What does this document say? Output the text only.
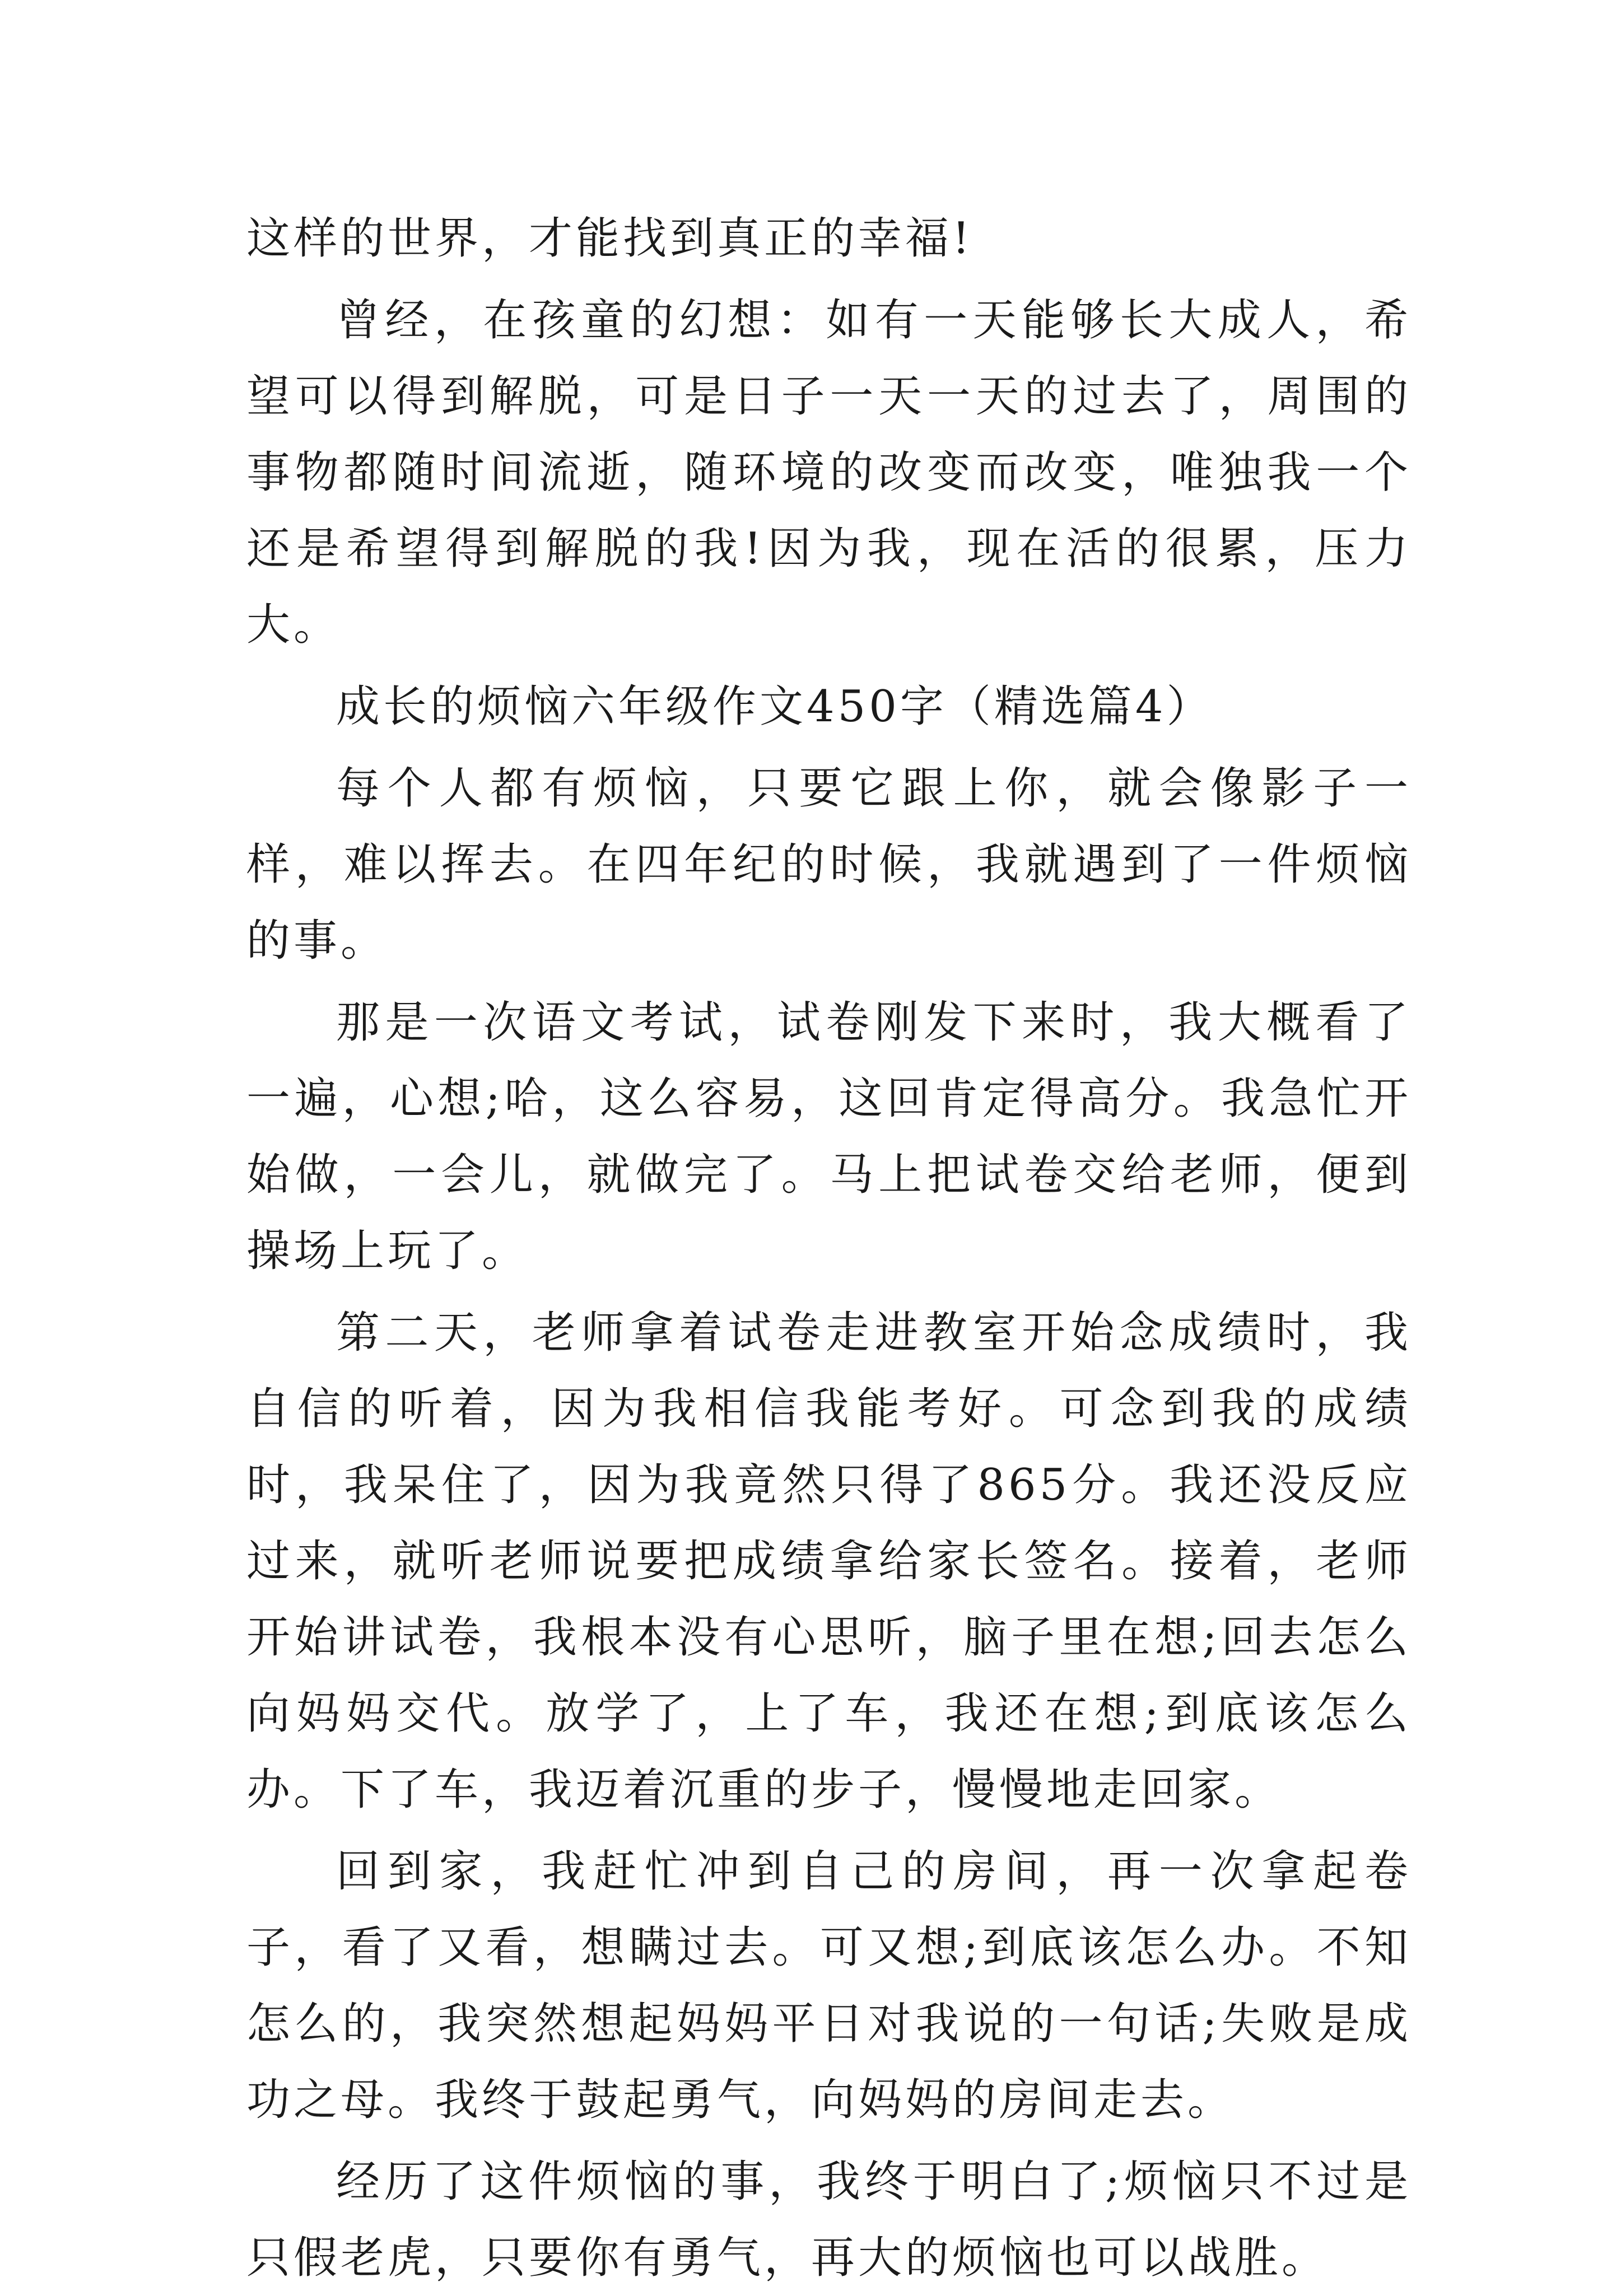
这样的世界，才能找到真正的幸福!

曾经，在孩童的幻想：如有一天能够长大成人，希望可以得到解脱，可是日子一天一天的过去了，周围的事物都随时间流逝，随环境的改变而改变，唯独我一个还是希望得到解脱的我!因为我，现在活的很累，压力大。

成长的烦恼六年级作文450字（精选篇4）

每个人都有烦恼，只要它跟上你，就会像影子一样，难以挥去。在四年纪的时候，我就遇到了一件烦恼的事。

那是一次语文考试，试卷刚发下来时，我大概看了一遍，心想;哈，这么容易，这回肯定得高分。我急忙开始做，一会儿，就做完了。马上把试卷交给老师，便到操场上玩了。

第二天，老师拿着试卷走进教室开始念成绩时，我自信的听着，因为我相信我能考好。可念到我的成绩时，我呆住了，因为我竟然只得了865分。我还没反应过来，就听老师说要把成绩拿给家长签名。接着，老师开始讲试卷，我根本没有心思听，脑子里在想;回去怎么向妈妈交代。放学了，上了车，我还在想;到底该怎么办。下了车，我迈着沉重的步子，慢慢地走回家。

回到家，我赶忙冲到自己的房间，再一次拿起卷子，看了又看，想瞒过去。可又想;到底该怎么办。不知怎么的，我突然想起妈妈平日对我说的一句话;失败是成功之母。我终于鼓起勇气，向妈妈的房间走去。

经历了这件烦恼的事，我终于明白了;烦恼只不过是只假老虎，只要你有勇气，再大的烦恼也可以战胜。
